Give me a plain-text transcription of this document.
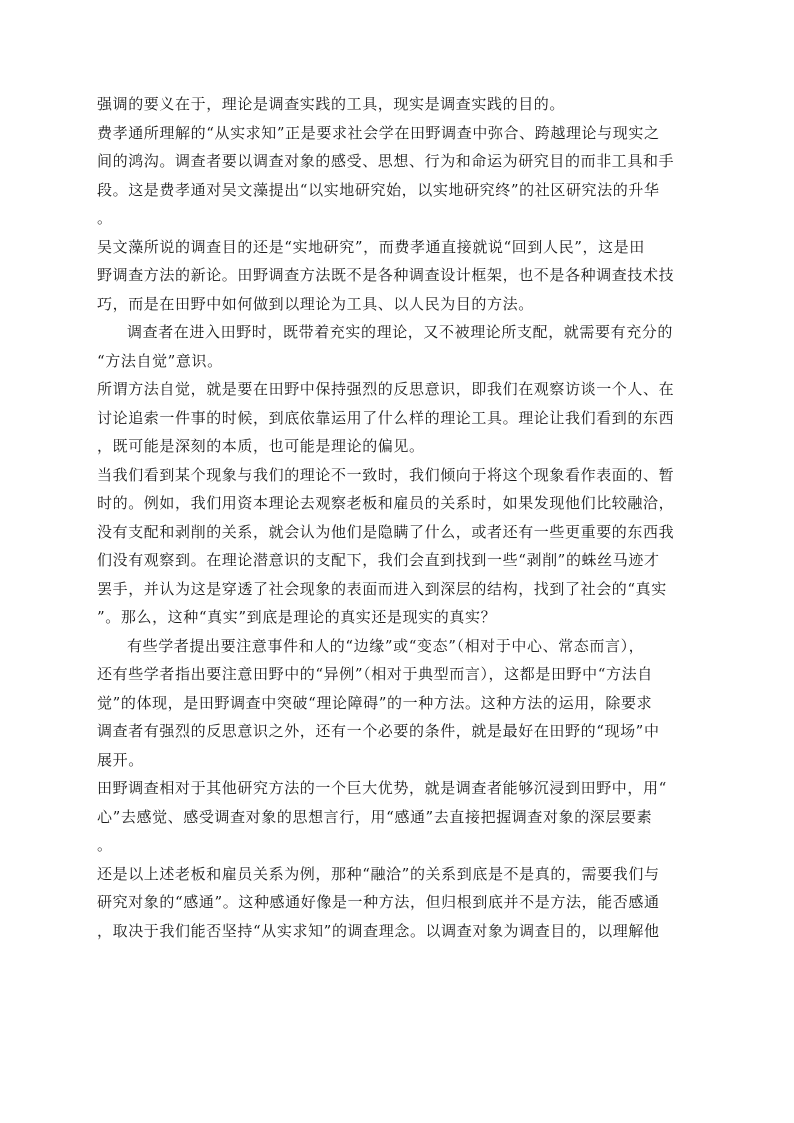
强调的要义在于，理论是调查实践的工具，现实是调查实践的目的。
费孝通所理解的“从实求知”正是要求社会学在田野调查中弥合、跨越理论与现实之
间的鸿沟。调查者要以调查对象的感受、思想、行为和命运为研究目的而非工具和手
段。这是费孝通对吴文藻提出“以实地研究始，以实地研究终”的社区研究法的升华
。
吴文藻所说的调查目的还是“实地研究”，而费孝通直接就说“回到人民”，这是田
野调查方法的新论。田野调查方法既不是各种调查设计框架，也不是各种调查技术技
巧，而是在田野中如何做到以理论为工具、以人民为目的方法。
调查者在进入田野时，既带着充实的理论，又不被理论所支配，就需要有充分的
“方法自觉”意识。
所谓方法自觉，就是要在田野中保持强烈的反思意识，即我们在观察访谈一个人、在
讨论追索一件事的时候，到底依靠运用了什么样的理论工具。理论让我们看到的东西
，既可能是深刻的本质，也可能是理论的偏见。
当我们看到某个现象与我们的理论不一致时，我们倾向于将这个现象看作表面的、暂
时的。例如，我们用资本理论去观察老板和雇员的关系时，如果发现他们比较融洽，
没有支配和剥削的关系，就会认为他们是隐瞒了什么，或者还有一些更重要的东西我
们没有观察到。在理论潜意识的支配下，我们会直到找到一些“剥削”的蛛丝马迹才
罢手，并认为这是穿透了社会现象的表面而进入到深层的结构，找到了社会的“真实
”。那么，这种“真实”到底是理论的真实还是现实的真实？
有些学者提出要注意事件和人的“边缘”或“变态”（相对于中心、常态而言），
还有些学者指出要注意田野中的“异例”（相对于典型而言），这都是田野中“方法自
觉”的体现，是田野调查中突破“理论障碍”的一种方法。这种方法的运用，除要求
调查者有强烈的反思意识之外，还有一个必要的条件，就是最好在田野的“现场”中
展开。
田野调查相对于其他研究方法的一个巨大优势，就是调查者能够沉浸到田野中，用“
心”去感觉、感受调查对象的思想言行，用“感通”去直接把握调查对象的深层要素
。
还是以上述老板和雇员关系为例，那种“融洽”的关系到底是不是真的，需要我们与
研究对象的“感通”。这种感通好像是一种方法，但归根到底并不是方法，能否感通
，取决于我们能否坚持“从实求知”的调查理念。以调查对象为调查目的，以理解他
